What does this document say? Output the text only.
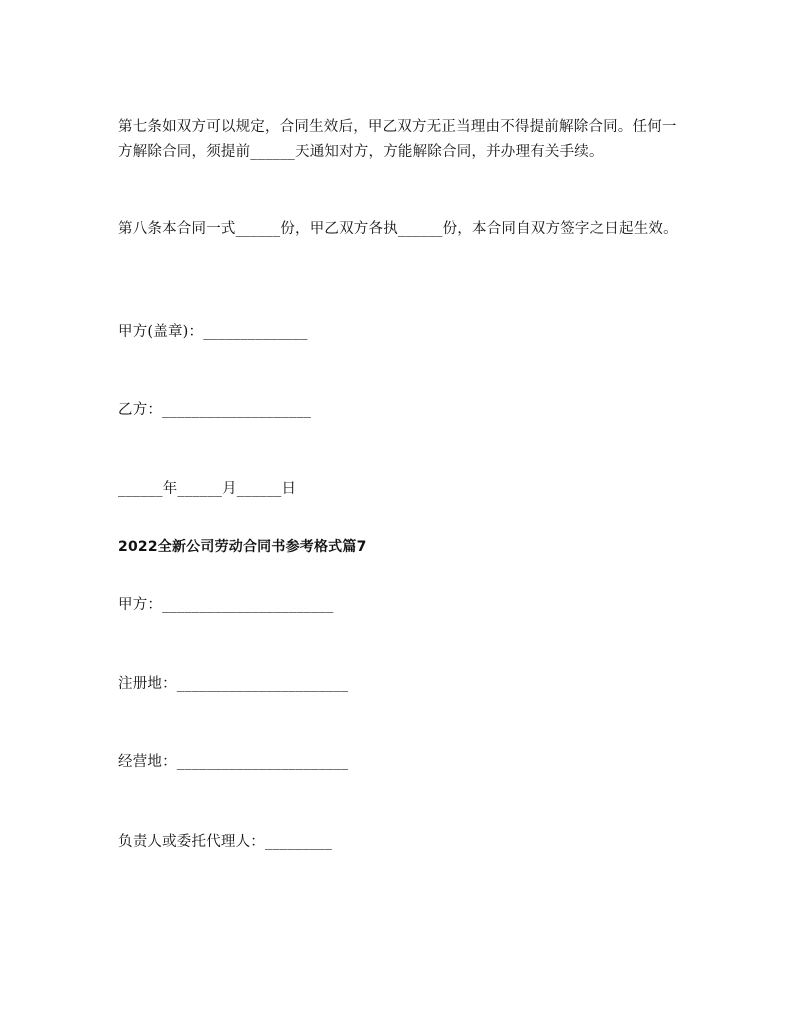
第七条如双方可以规定，合同生效后，甲乙双方无正当理由不得提前解除合同。任何一方解除合同，须提前______天通知对方，方能解除合同，并办理有关手续。
第八条本合同一式______份，甲乙双方各执______份，本合同自双方签字之日起生效。
甲方(盖章)：______________
乙方：____________________
______年______月______日
2022全新公司劳动合同书参考格式篇7
甲方：_______________________
注册地：_______________________
经营地：_______________________
负责人或委托代理人：_________
